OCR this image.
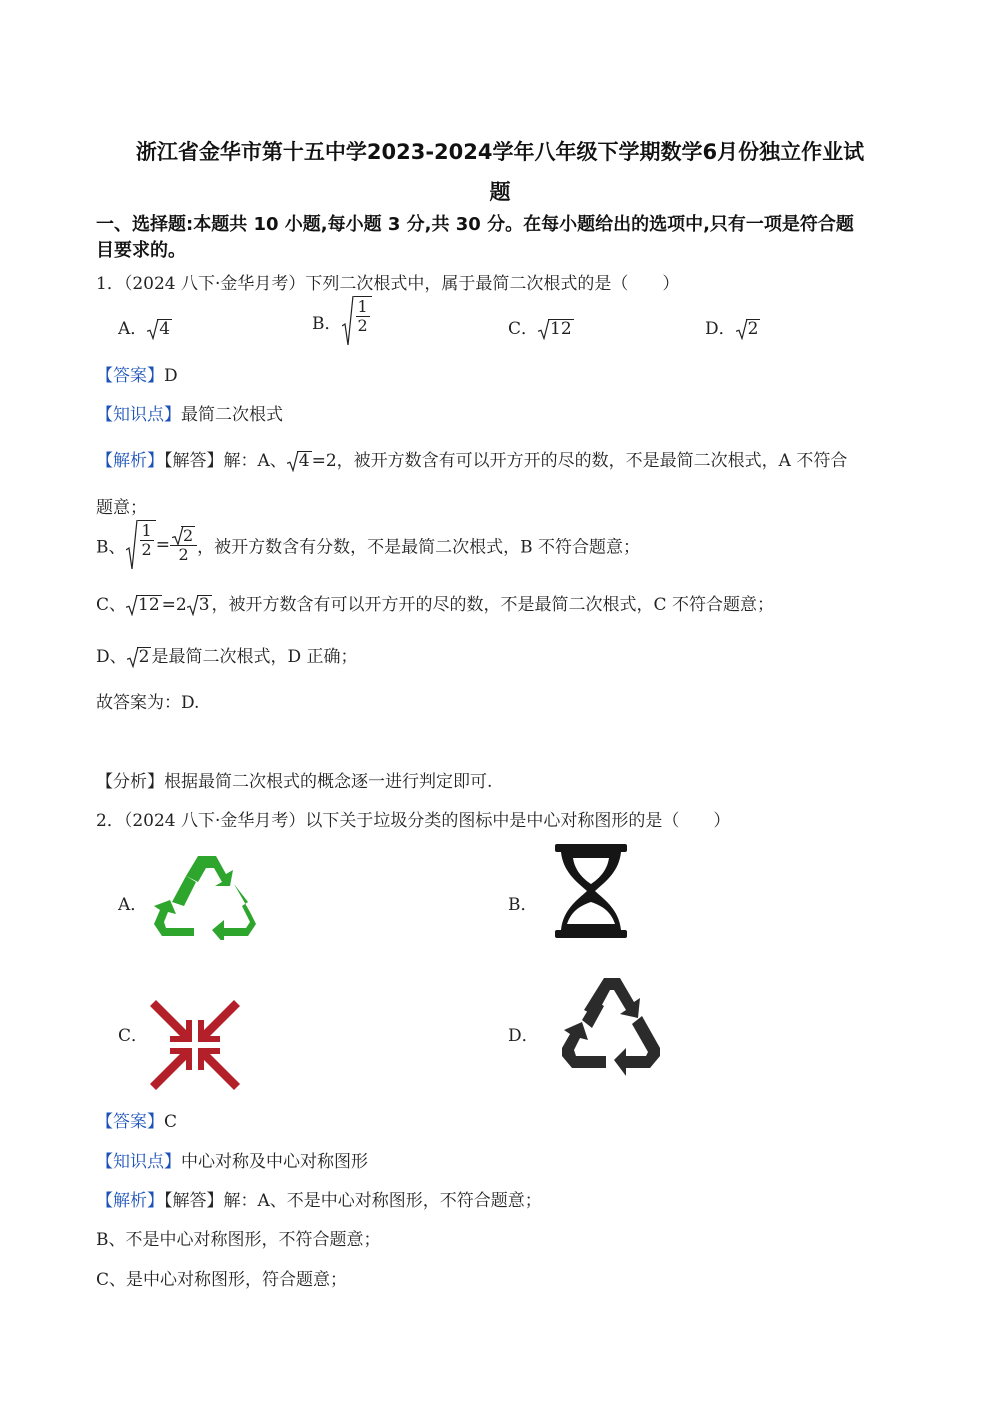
浙江省金华市第十五中学2023-2024学年八年级下学期数学6月份独立作业试
题
一、选择题:本题共 10 小题,每小题 3 分,共 30 分。在每小题给出的选项中,只有一项是符合题
目要求的。
1．（2024 八下·金华月考）下列二次根式中，属于最简二次根式的是（　　）
A． 4	B． $\frac{1}{2}$	C． 12	D． 2
【答案】D
【知识点】最简二次根式
【解析】【解答】解：A、 4 =2，被开方数含有可以开方开的尽的数，不是最简二次根式，A 不符合
题意；
B、 $\frac{1}{2} = \frac{2}{2}$ ，被开方数含有分数，不是最简二次根式，B 不符合题意；
C、 12 =2 3 ，被开方数含有可以开方开的尽的数，不是最简二次根式，C 不符合题意；
D、 2 是最简二次根式，D 正确；
故答案为：D.
【分析】根据最简二次根式的概念逐一进行判定即可.
2．（2024 八下·金华月考）以下关于垃圾分类的图标中是中心对称图形的是（　　）
A．	B．
C．	D．
【答案】C
【知识点】中心对称及中心对称图形
【解析】【解答】解：A、不是中心对称图形，不符合题意；
B、不是中心对称图形，不符合题意；
C、是中心对称图形，符合题意；
